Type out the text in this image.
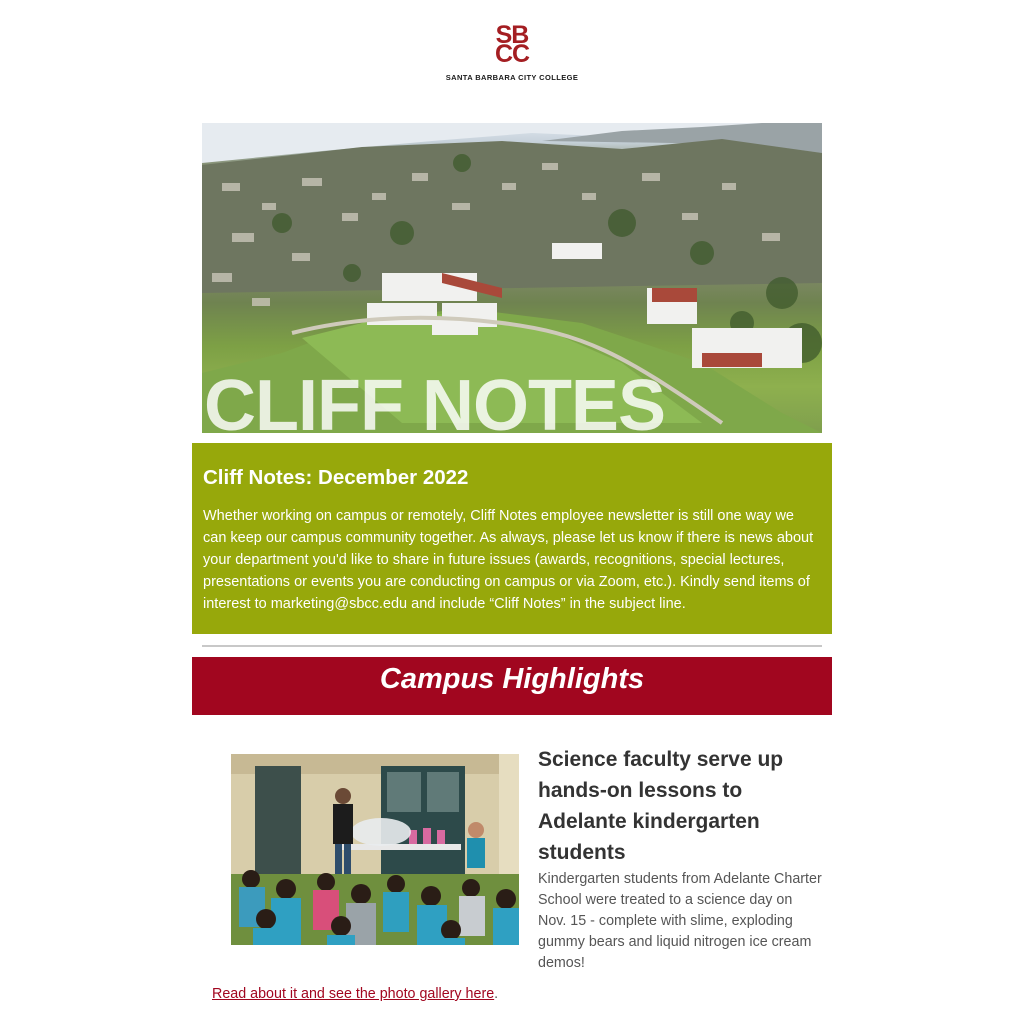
SB
CC
SANTA BARBARA CITY COLLEGE
CLIFF NOTES
Cliff Notes: December 2022

Whether working on campus or remotely, Cliff Notes employee newsletter is still one way we can keep our campus community together. As always, please let us know if there is news about your department you'd like to share in future issues (awards, recognitions, special lectures, presentations or events you are conducting on campus or via Zoom, etc.). Kindly send items of interest to marketing@sbcc.edu and include “Cliff Notes” in the subject line.

Campus Highlights
Science faculty serve up hands-on lessons to Adelante kindergarten students

Kindergarten students from Adelante Charter School were treated to a science day on Nov. 15 - complete with slime, exploding gummy bears and liquid nitrogen ice cream demos!

Read about it and see the photo gallery here.
